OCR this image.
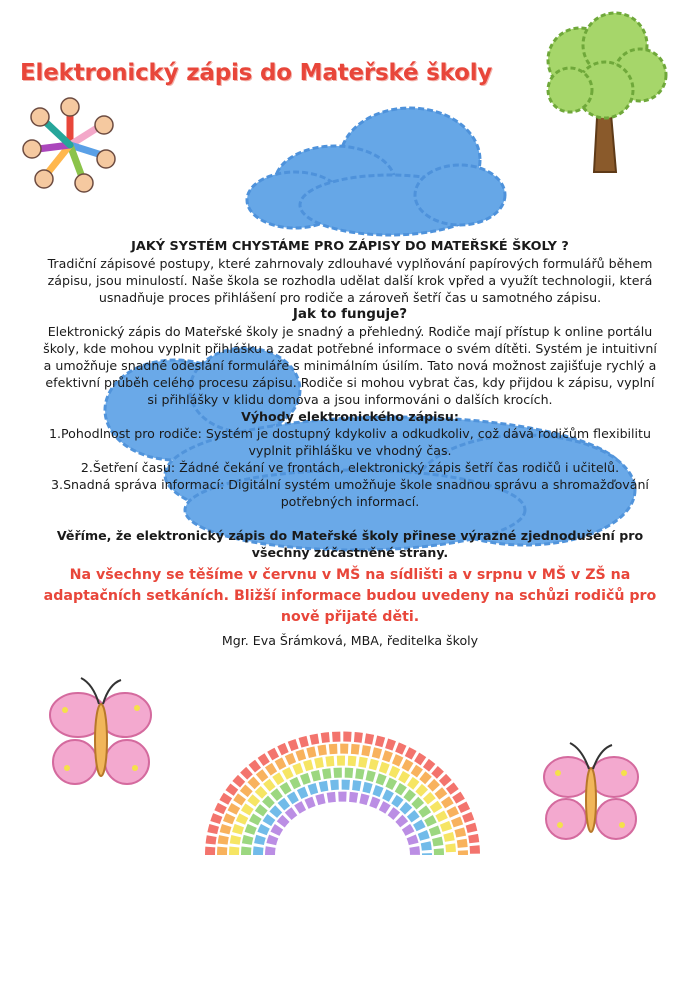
Elektronický zápis do Mateřské školy

JAKÝ SYSTÉM CHYSTÁME PRO ZÁPISY DO MATEŘSKÉ ŠKOLY ?

Tradiční zápisové postupy, které zahrnovaly zdlouhavé vyplňování papírových formulářů během zápisu, jsou minulostí. Naše škola se rozhodla udělat další krok vpřed a využít technologii, která usnadňuje proces přihlášení pro rodiče a zároveň šetří čas u samotného zápisu.

Jak to funguje?

Elektronický zápis do Mateřské školy je snadný a přehledný. Rodiče mají přístup k online portálu školy, kde mohou vyplnit přihlášku a zadat potřebné informace o svém dítěti. Systém je intuitivní a umožňuje snadné odeslání formuláře s minimálním úsilím. Tato nová možnost zajišťuje rychlý a efektivní průběh celého procesu zápisu. Rodiče si mohou vybrat čas, kdy přijdou k zápisu, vyplní si přihlášky v klidu domova a jsou informováni o dalších krocích.

Výhody elektronického zápisu:

1.Pohodlnost pro rodiče: Systém je dostupný kdykoliv a odkudkoliv, což dává rodičům flexibilitu vyplnit přihlášku ve vhodný čas.

2.Šetření času: Žádné čekání ve frontách, elektronický zápis šetří čas rodičů i učitelů.

3.Snadná správa informací: Digitální systém umožňuje škole snadnou správu a shromažďování potřebných informací.

Věříme, že elektronický zápis do Mateřské školy přinese výrazné zjednodušení pro všechny zúčastněné strany.

Na všechny se těšíme v červnu v MŠ na sídlišti a v srpnu v MŠ v ZŠ na adaptačních setkáních. Bližší informace budou uvedeny na schůzi rodičů pro nově přijaté děti.

Mgr. Eva Šrámková, MBA, ředitelka školy
